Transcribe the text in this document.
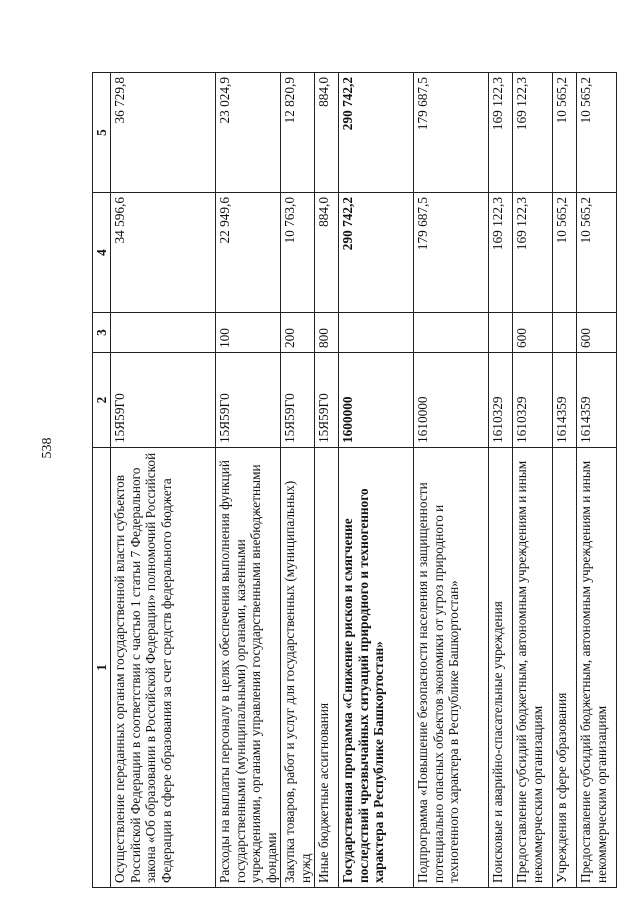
538
1	2	3	4	5
Осуществление переданных органам государственной власти субъектов Российской Федерации в соответствии с частью 1 статьи 7 Федерального закона «Об образовании в Российской Федерации» полномочий Российской Федерации в сфере образования за счет средств федерального бюджета	15Я59Г0		34 596,6	36 729,8
Расходы на выплаты персоналу в целях обеспечения выполнения функций государственными (муниципальными) органами, казенными учреждениями, органами управления государственными внебюджетными фондами	15Я59Г0	100	22 949,6	23 024,9
Закупка товаров, работ и услуг для государственных (муниципальных) нужд	15Я59Г0	200	10 763,0	12 820,9
Иные бюджетные ассигнования	15Я59Г0	800	884,0	884,0
Государственная программа «Снижение рисков и смягчение последствий чрезвычайных ситуаций природного и техногенного характера в Республике Башкортостан»	1600000		290 742,2	290 742,2
Подпрограмма «Повышение безопасности населения и защищенности потенциально опасных объектов экономики от угроз природного и техногенного характера в Республике Башкортостан»	1610000		179 687,5	179 687,5
Поисковые и аварийно-спасательные учреждения	1610329		169 122,3	169 122,3
Предоставление субсидий бюджетным, автономным учреждениям и иным некоммерческим организациям	1610329	600	169 122,3	169 122,3
Учреждения в сфере образования	1614359		10 565,2	10 565,2
Предоставление субсидий бюджетным, автономным учреждениям и иным некоммерческим организациям	1614359	600	10 565,2	10 565,2
